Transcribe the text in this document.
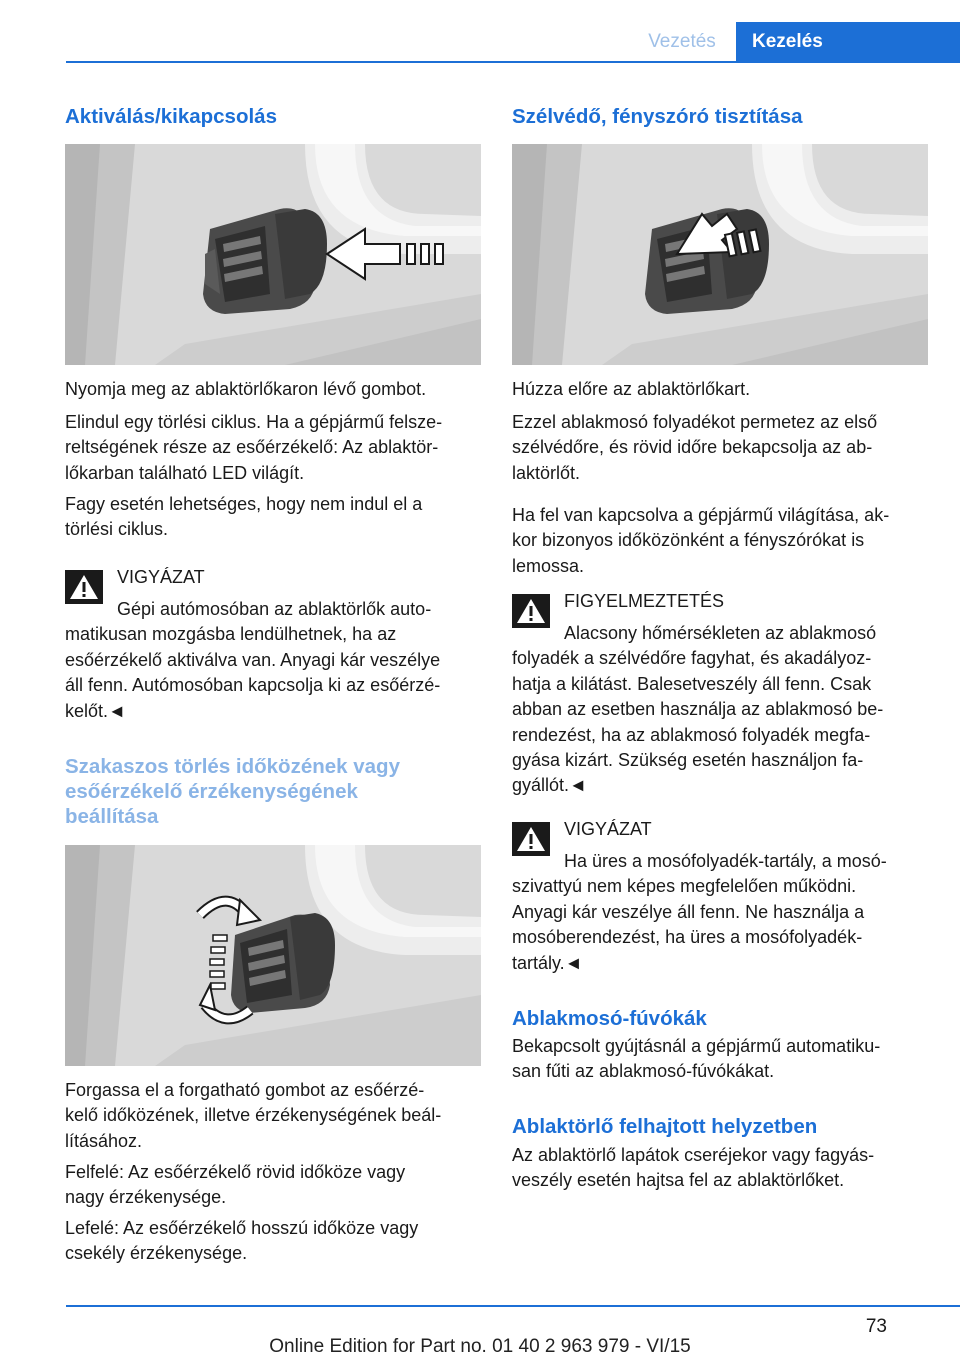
Vezetés	Kezelés
Aktiválás/kikapcsolás
Nyomja meg az ablaktörlőkaron lévő gombot.
Elindul egy törlési ciklus. Ha a gépjármű felsze‐
reltségének része az esőérzékelő: Az ablaktör‐
lőkarban található LED világít.
Fagy esetén lehetséges, hogy nem indul el a
törlési ciklus.
VIGYÁZAT
Gépi autómosóban az ablaktörlők auto‐
matikusan mozgásba lendülhetnek, ha az
esőérzékelő aktiválva van. Anyagi kár veszélye
áll fenn. Autómosóban kapcsolja ki az esőérzé‐
kelőt.◄
Szakaszos törlés időközének vagy
esőérzékelő érzékenységének
beállítása
Forgassa el a forgatható gombot az esőérzé‐
kelő időközének, illetve érzékenységének beál‐
lításához.
Felfelé: Az esőérzékelő rövid időköze vagy
nagy érzékenysége.
Lefelé: Az esőérzékelő hosszú időköze vagy
csekély érzékenysége.
Szélvédő, fényszóró tisztítása
Húzza előre az ablaktörlőkart.
Ezzel ablakmosó folyadékot permetez az első
szélvédőre, és rövid időre bekapcsolja az ab‐
laktörlőt.
Ha fel van kapcsolva a gépjármű világítása, ak‐
kor bizonyos időközönként a fényszórókat is
lemossa.
FIGYELMEZTETÉS
Alacsony hőmérsékleten az ablakmosó
folyadék a szélvédőre fagyhat, és akadályoz‐
hatja a kilátást. Balesetveszély áll fenn. Csak
abban az esetben használja az ablakmosó be‐
rendezést, ha az ablakmosó folyadék megfa‐
gyása kizárt. Szükség esetén használjon fa‐
gyállót.◄
VIGYÁZAT
Ha üres a mosófolyadék-tartály, a mosó‐
szivattyú nem képes megfelelően működni.
Anyagi kár veszélye áll fenn. Ne használja a
mosóberendezést, ha üres a mosófolyadék‐
tartály.◄
Ablakmosó-fúvókák
Bekapcsolt gyújtásnál a gépjármű automatiku‐
san fűti az ablakmosó-fúvókákat.
Ablaktörlő felhajtott helyzetben
Az ablaktörlő lapátok cseréjekor vagy fagyás‐
veszély esetén hajtsa fel az ablaktörlőket.
73
Online Edition for Part no. 01 40 2 963 979 - VI/15
